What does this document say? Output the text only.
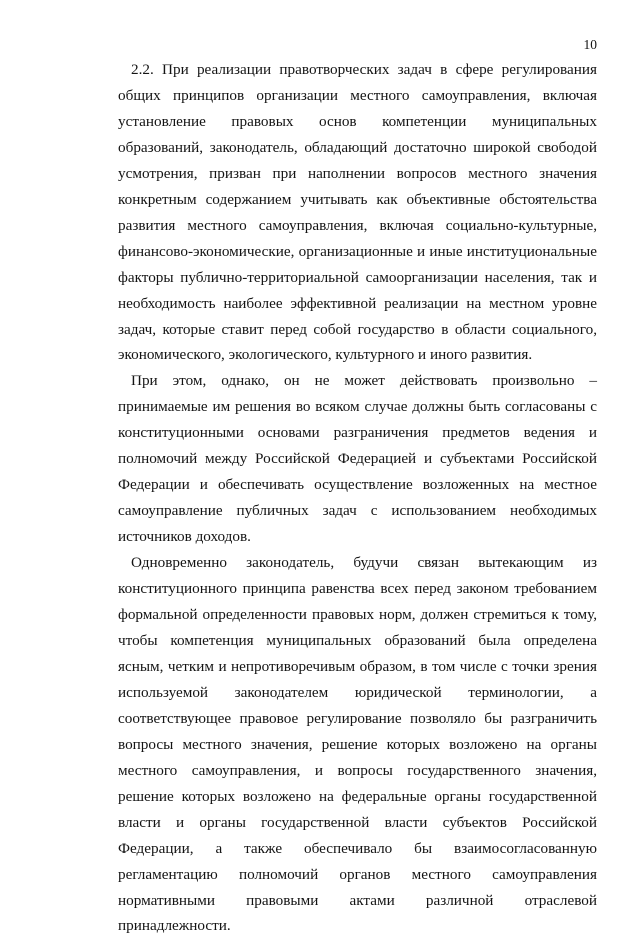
10

2.2. При реализации правотворческих задач в сфере регулирования общих принципов организации местного самоуправления, включая установление правовых основ компетенции муниципальных образований, законодатель, обладающий достаточно широкой свободой усмотрения, призван при наполнении вопросов местного значения конкретным содержанием учитывать как объективные обстоятельства развития местного самоуправления, включая социально-культурные, финансово-экономические, организационные и иные институциональные факторы публично-территориальной самоорганизации населения, так и необходимость наиболее эффективной реализации на местном уровне задач, которые ставит перед собой государство в области социального, экономического, экологического, культурного и иного развития.

При этом, однако, он не может действовать произвольно – принимаемые им решения во всяком случае должны быть согласованы с конституционными основами разграничения предметов ведения и полномочий между Российской Федерацией и субъектами Российской Федерации и обеспечивать осуществление возложенных на местное самоуправление публичных задач с использованием необходимых источников доходов.

Одновременно законодатель, будучи связан вытекающим из конституционного принципа равенства всех перед законом требованием формальной определенности правовых норм, должен стремиться к тому, чтобы компетенция муниципальных образований была определена ясным, четким и непротиворечивым образом, в том числе с точки зрения используемой законодателем юридической терминологии, а соответствующее правовое регулирование позволяло бы разграничить вопросы местного значения, решение которых возложено на органы местного самоуправления, и вопросы государственного значения, решение которых возложено на федеральные органы государственной власти и органы государственной власти субъектов Российской Федерации, а также обеспечивало бы взаимосогласованную регламентацию полномочий органов местного самоуправления нормативными правовыми актами различной отраслевой принадлежности.
